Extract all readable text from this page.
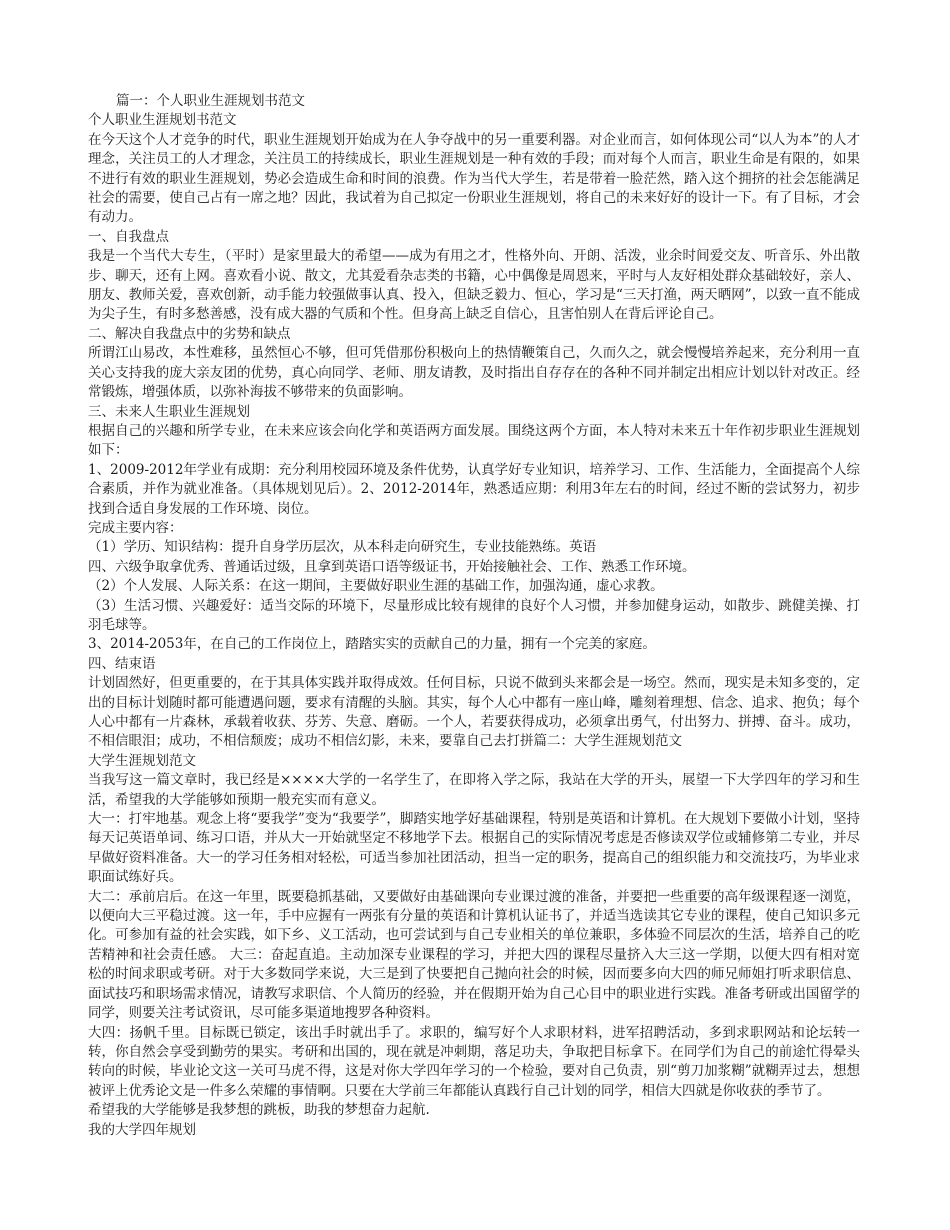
篇一：个人职业生涯规划书范文

个人职业生涯规划书范文

在今天这个人才竞争的时代，职业生涯规划开始成为在人争夺战中的另一重要利器。对企业而言，如何体现公司“以人为本”的人才理念，关注员工的人才理念，关注员工的持续成长，职业生涯规划是一种有效的手段；而对每个人而言，职业生命是有限的，如果不进行有效的职业生涯规划，势必会造成生命和时间的浪费。作为当代大学生，若是带着一脸茫然，踏入这个拥挤的社会怎能满足社会的需要，使自己占有一席之地？因此，我试着为自己拟定一份职业生涯规划，将自己的未来好好的设计一下。有了目标，才会有动力。

一、自我盘点

我是一个当代大专生，（平时）是家里最大的希望——成为有用之才，性格外向、开朗、活泼，业余时间爱交友、听音乐、外出散步、聊天，还有上网。喜欢看小说、散文，尤其爱看杂志类的书籍，心中偶像是周恩来，平时与人友好相处群众基础较好，亲人、朋友、教师关爱，喜欢创新，动手能力较强做事认真、投入，但缺乏毅力、恒心，学习是“三天打渔，两天晒网”，以致一直不能成为尖子生，有时多愁善感，没有成大器的气质和个性。但身高上缺乏自信心，且害怕别人在背后评论自己。

二、解决自我盘点中的劣势和缺点

所谓江山易改，本性难移，虽然恒心不够，但可凭借那份积极向上的热情鞭策自己，久而久之，就会慢慢培养起来，充分利用一直关心支持我的庞大亲友团的优势，真心向同学、老师、朋友请教，及时指出自存存在的各种不同并制定出相应计划以针对改正。经常锻炼，增强体质，以弥补海拔不够带来的负面影响。

三、未来人生职业生涯规划

根据自己的兴趣和所学专业，在未来应该会向化学和英语两方面发展。围绕这两个方面，本人特对未来五十年作初步职业生涯规划如下：

1、2009-2012年学业有成期：充分利用校园环境及条件优势，认真学好专业知识，培养学习、工作、生活能力，全面提高个人综合素质，并作为就业准备。（具体规划见后）。2、2012-2014年，熟悉适应期：利用3年左右的时间，经过不断的尝试努力，初步找到合适自身发展的工作环境、岗位。

完成主要内容：

（1）学历、知识结构：提升自身学历层次，从本科走向研究生，专业技能熟练。英语

四、六级争取拿优秀、普通话过级，且拿到英语口语等级证书，开始接触社会、工作、熟悉工作环境。

（2）个人发展、人际关系：在这一期间，主要做好职业生涯的基础工作，加强沟通，虚心求教。

（3）生活习惯、兴趣爱好：适当交际的环境下，尽量形成比较有规律的良好个人习惯，并参加健身运动，如散步、跳健美操、打羽毛球等。

3、2014-2053年，在自己的工作岗位上，踏踏实实的贡献自己的力量，拥有一个完美的家庭。

四、结束语

计划固然好，但更重要的，在于其具体实践并取得成效。任何目标，只说不做到头来都会是一场空。然而，现实是未知多变的，定出的目标计划随时都可能遭遇问题，要求有清醒的头脑。其实，每个人心中都有一座山峰，雕刻着理想、信念、追求、抱负；每个人心中都有一片森林，承载着收获、芬芳、失意、磨砺。一个人，若要获得成功，必须拿出勇气，付出努力、拼搏、奋斗。成功，不相信眼泪；成功，不相信颓废；成功不相信幻影，未来，要靠自己去打拼篇二：大学生涯规划范文

大学生涯规划范文

当我写这一篇文章时，我已经是××××大学的一名学生了，在即将入学之际，我站在大学的开头，展望一下大学四年的学习和生活，希望我的大学能够如预期一般充实而有意义。

大一：打牢地基。观念上将“要我学”变为“我要学”，脚踏实地学好基础课程，特别是英语和计算机。在大规划下要做小计划，坚持每天记英语单词、练习口语，并从大一开始就坚定不移地学下去。根据自己的实际情况考虑是否修读双学位或辅修第二专业，并尽早做好资料准备。大一的学习任务相对轻松，可适当参加社团活动，担当一定的职务，提高自己的组织能力和交流技巧，为毕业求职面试练好兵。

大二：承前启后。在这一年里，既要稳抓基础，又要做好由基础课向专业课过渡的准备，并要把一些重要的高年级课程逐一浏览，以便向大三平稳过渡。这一年，手中应握有一两张有分量的英语和计算机认证书了，并适当选读其它专业的课程，使自己知识多元化。可参加有益的社会实践，如下乡、义工活动，也可尝试到与自己专业相关的单位兼职，多体验不同层次的生活，培养自己的吃苦精神和社会责任感。 大三：奋起直追。主动加深专业课程的学习，并把大四的课程尽量挤入大三这一学期，以便大四有相对宽松的时间求职或考研。对于大多数同学来说，大三是到了快要把自己抛向社会的时候，因而要多向大四的师兄师姐打听求职信息、面试技巧和职场需求情况，请教写求职信、个人简历的经验，并在假期开始为自己心目中的职业进行实践。准备考研或出国留学的同学，则要关注考试资讯，尽可能多渠道地搜罗各种资料。

大四：扬帆千里。目标既已锁定，该出手时就出手了。求职的，编写好个人求职材料，进军招聘活动，多到求职网站和论坛转一转，你自然会享受到勤劳的果实。考研和出国的，现在就是冲刺期，落足功夫，争取把目标拿下。在同学们为自己的前途忙得晕头转向的时候，毕业论文这一关可马虎不得，这是对你大学四年学习的一个检验，要对自己负责，别“剪刀加浆糊”就糊弄过去，想想被评上优秀论文是一件多么荣耀的事情啊。只要在大学前三年都能认真践行自己计划的同学，相信大四就是你收获的季节了。

希望我的大学能够是我梦想的跳板，助我的梦想奋力起航.

我的大学四年规划
